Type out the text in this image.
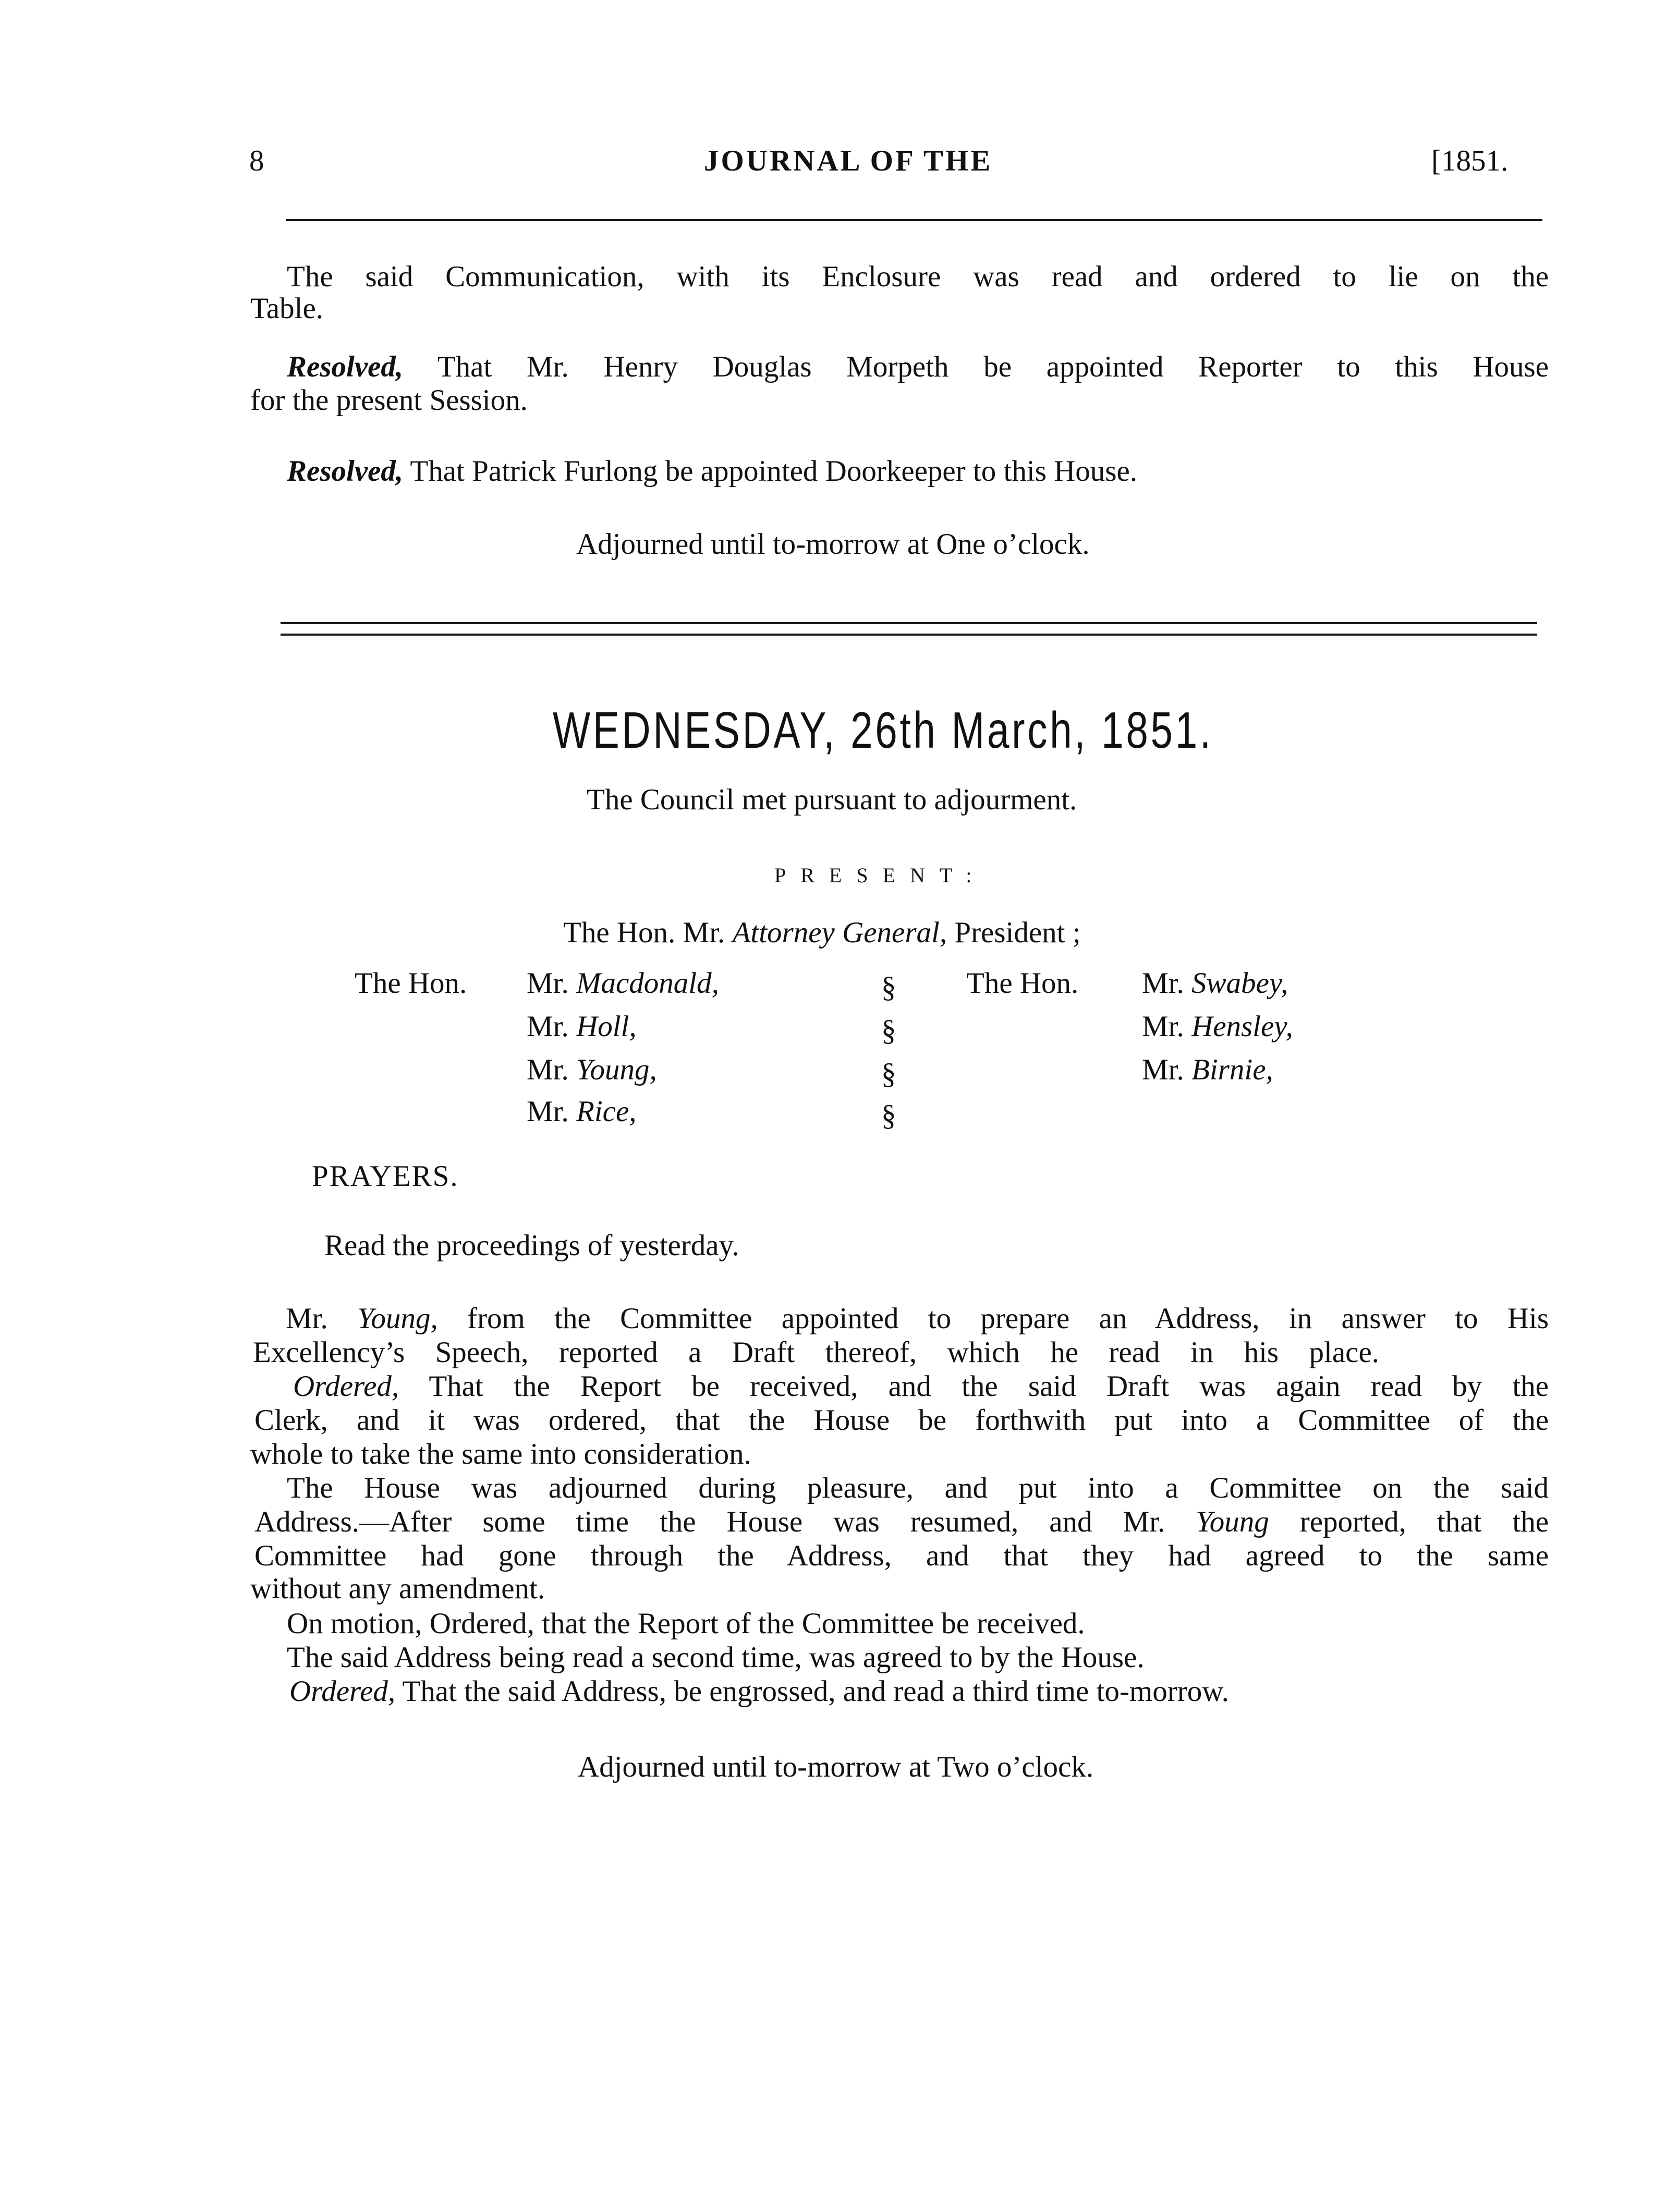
8	JOURNAL OF THE	[1851.
The said Communication, with its Enclosure was read and ordered to lie on the
Table.
Resolved, That Mr. Henry Douglas Morpeth be appointed Reporter to this House
for the present Session.
Resolved, That Patrick Furlong be appointed Doorkeeper to this House.
Adjourned until to-morrow at One o’clock.
WEDNESDAY, 26th March, 1851.
The Council met pursuant to adjourment.
PRESENT:
The Hon. Mr. Attorney General, President ;
The Hon. Mr. Macdonald,
Mr. Holl,
Mr. Young,
Mr. Rice,
§
§
§
§
The Hon. Mr. Swabey,
Mr. Hensley,
Mr. Birnie,
PRAYERS.
Read the proceedings of yesterday.
Mr. Young, from the Committee appointed to prepare an Address, in answer to His
Excellency’s Speech, reported a Draft thereof, which he read in his place.
Ordered, That the Report be received, and the said Draft was again read by the
Clerk, and it was ordered, that the House be forthwith put into a Committee of the
whole to take the same into consideration.
The House was adjourned during pleasure, and put into a Committee on the said
Address.—After some time the House was resumed, and Mr. Young reported, that the
Committee had gone through the Address, and that they had agreed to the same
without any amendment.
On motion, Ordered, that the Report of the Committee be received.
The said Address being read a second time, was agreed to by the House.
Ordered, That the said Address, be engrossed, and read a third time to-morrow.
Adjourned until to-morrow at Two o’clock.
